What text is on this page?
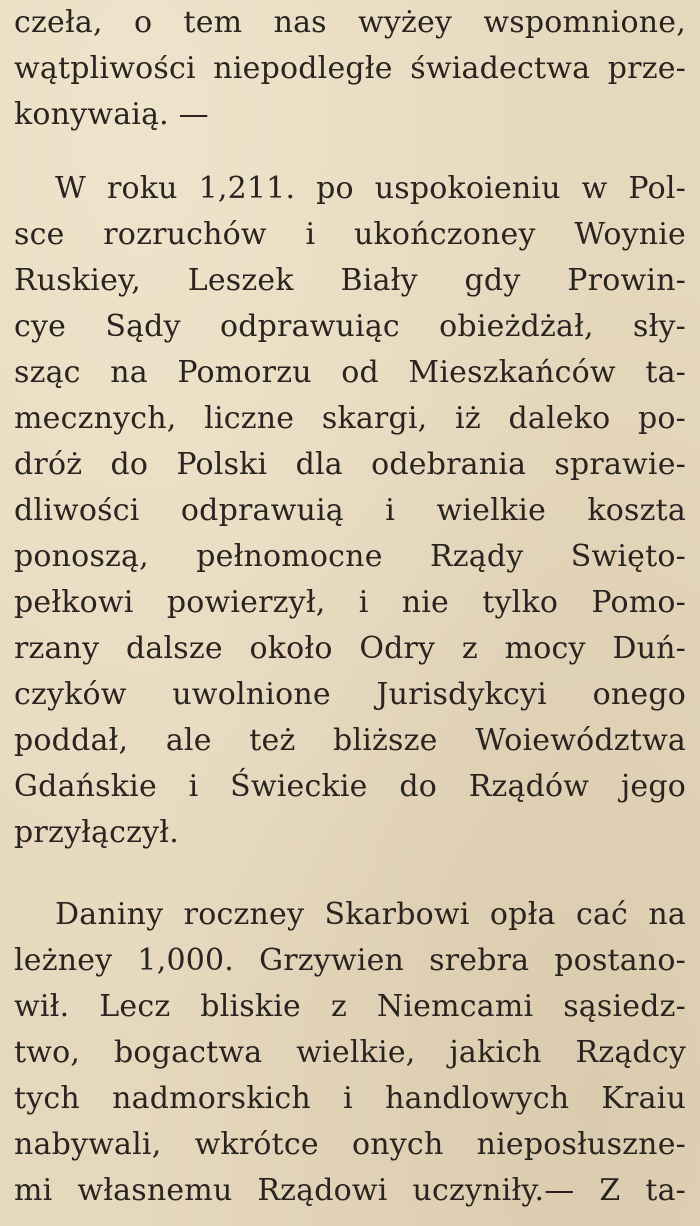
czeła, o tem nas wyżey wspomnione,
wątpliwości niepodległe świadectwa prze-
konywaią. —
W roku 1,211. po uspokoieniu w Pol-
sce rozruchów i ukończoney Woynie
Ruskiey, Leszek Biały gdy Prowin-
cye Sądy odprawuiąc obieżdżał, sły-
sząc na Pomorzu od Mieszkańców ta-
mecznych, liczne skargi, iż daleko po-
dróż do Polski dla odebrania sprawie-
dliwości odprawuią i wielkie koszta
ponoszą, pełnomocne Rządy Swięto-
pełkowi powierzył, i nie tylko Pomo-
rzany dalsze około Odry z mocy Duń-
czyków uwolnione Jurisdykcyi onego
poddał, ale też bliższe Woiewództwa
Gdańskie i Świeckie do Rządów jego
przyłączył.
Daniny roczney Skarbowi opła cać na
leżney 1,000. Grzywien srebra postano-
wił. Lecz bliskie z Niemcami sąsiedz-
two, bogactwa wielkie, jakich Rządcy
tych nadmorskich i handlowych Kraiu
nabywali, wkrótce onych nieposłuszne-
mi własnemu Rządowi uczyniły.— Z ta-
